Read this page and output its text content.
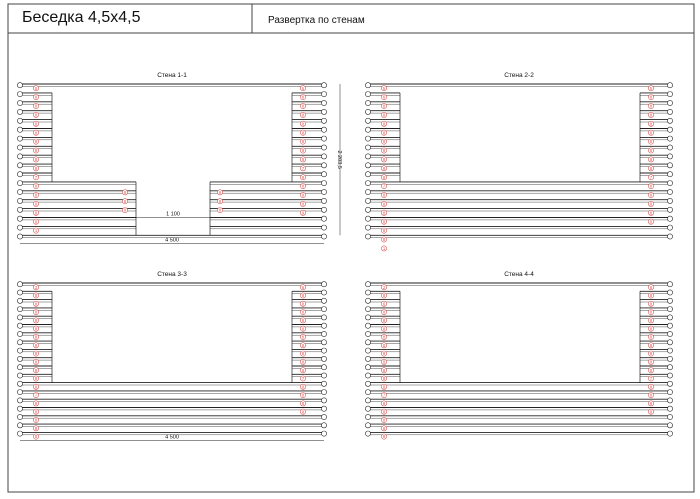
Беседка 4,5х4,5	Развертка по стенам
Стена 1-1
9
8
9
9
8
9
1 100
5
6
8
8
8
8
8
8
8
8
7
9
8
9
8
9
1
5
8
8
8
8
8
8
8
8
7
9
8
9
8
9
4 500
2 203,5
Стена 2-2
5
6
8
8
8
8
8
8
8
8
8
7
8
8
8
8
8
8
1
5
8
8
8
8
8
8
8
8
8
7
8
8
8
8
8
Стена 3-3
2
8
6
8
8
8
8
8
8
8
8
8
8
7
8
8
8
8
8
6
8
8
8
8
8
8
8
8
8
8
7
8
8
8
8
4 500
Стена 4-4
2
8
6
8
8
8
8
8
8
8
8
8
8
7
8
8
8
8
8
6
8
8
8
8
8
8
8
8
8
8
7
8
8
8
8
